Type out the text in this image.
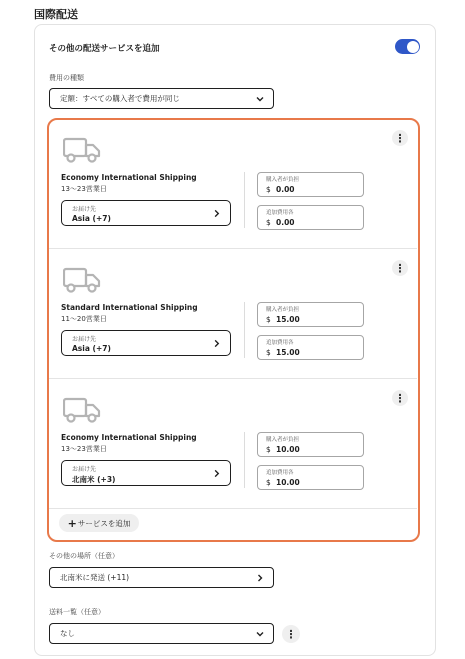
国際配送
その他の配送サービスを追加
費用の種類
定額：すべての購入者で費用が同じ
⋮
Economy International Shipping
13～23営業日
お届け先
Asia (+7)
購入者が負担
$ 0.00
追加費用各
$ 0.00
⋮
Standard International Shipping
11～20営業日
お届け先
Asia (+7)
購入者が負担
$ 15.00
追加費用各
$ 15.00
⋮
Economy International Shipping
13～23営業日
お届け先
北南米 (+3)
購入者が負担
$ 10.00
追加費用各
$ 10.00
+ サービスを追加
その他の場所（任意）
北南米に発送 (+11)
送料一覧（任意）
なし	⋮
